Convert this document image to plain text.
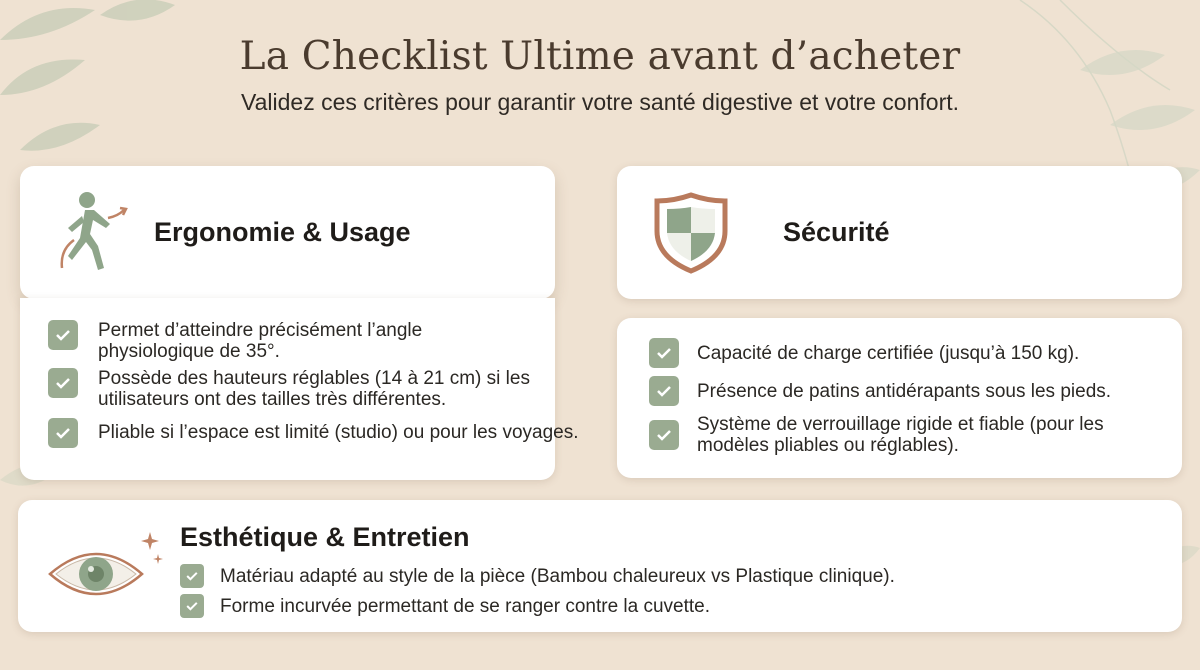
La Checklist Ultime avant d’acheter
Validez ces critères pour garantir votre santé digestive et votre confort.
Ergonomie & Usage
Permet d’atteindre précisément l’angle physiologique de 35°.
Possède des hauteurs réglables (14 à 21 cm) si les utilisateurs ont des tailles très différentes.
Pliable si l’espace est limité (studio) ou pour les voyages.
Sécurité
Capacité de charge certifiée (jusqu’à 150 kg).
Présence de patins antidérapants sous les pieds.
Système de verrouillage rigide et fiable (pour les modèles pliables ou réglables).
Esthétique & Entretien
Matériau adapté au style de la pièce (Bambou chaleureux vs Plastique clinique).
Forme incurvée permettant de se ranger contre la cuvette.
